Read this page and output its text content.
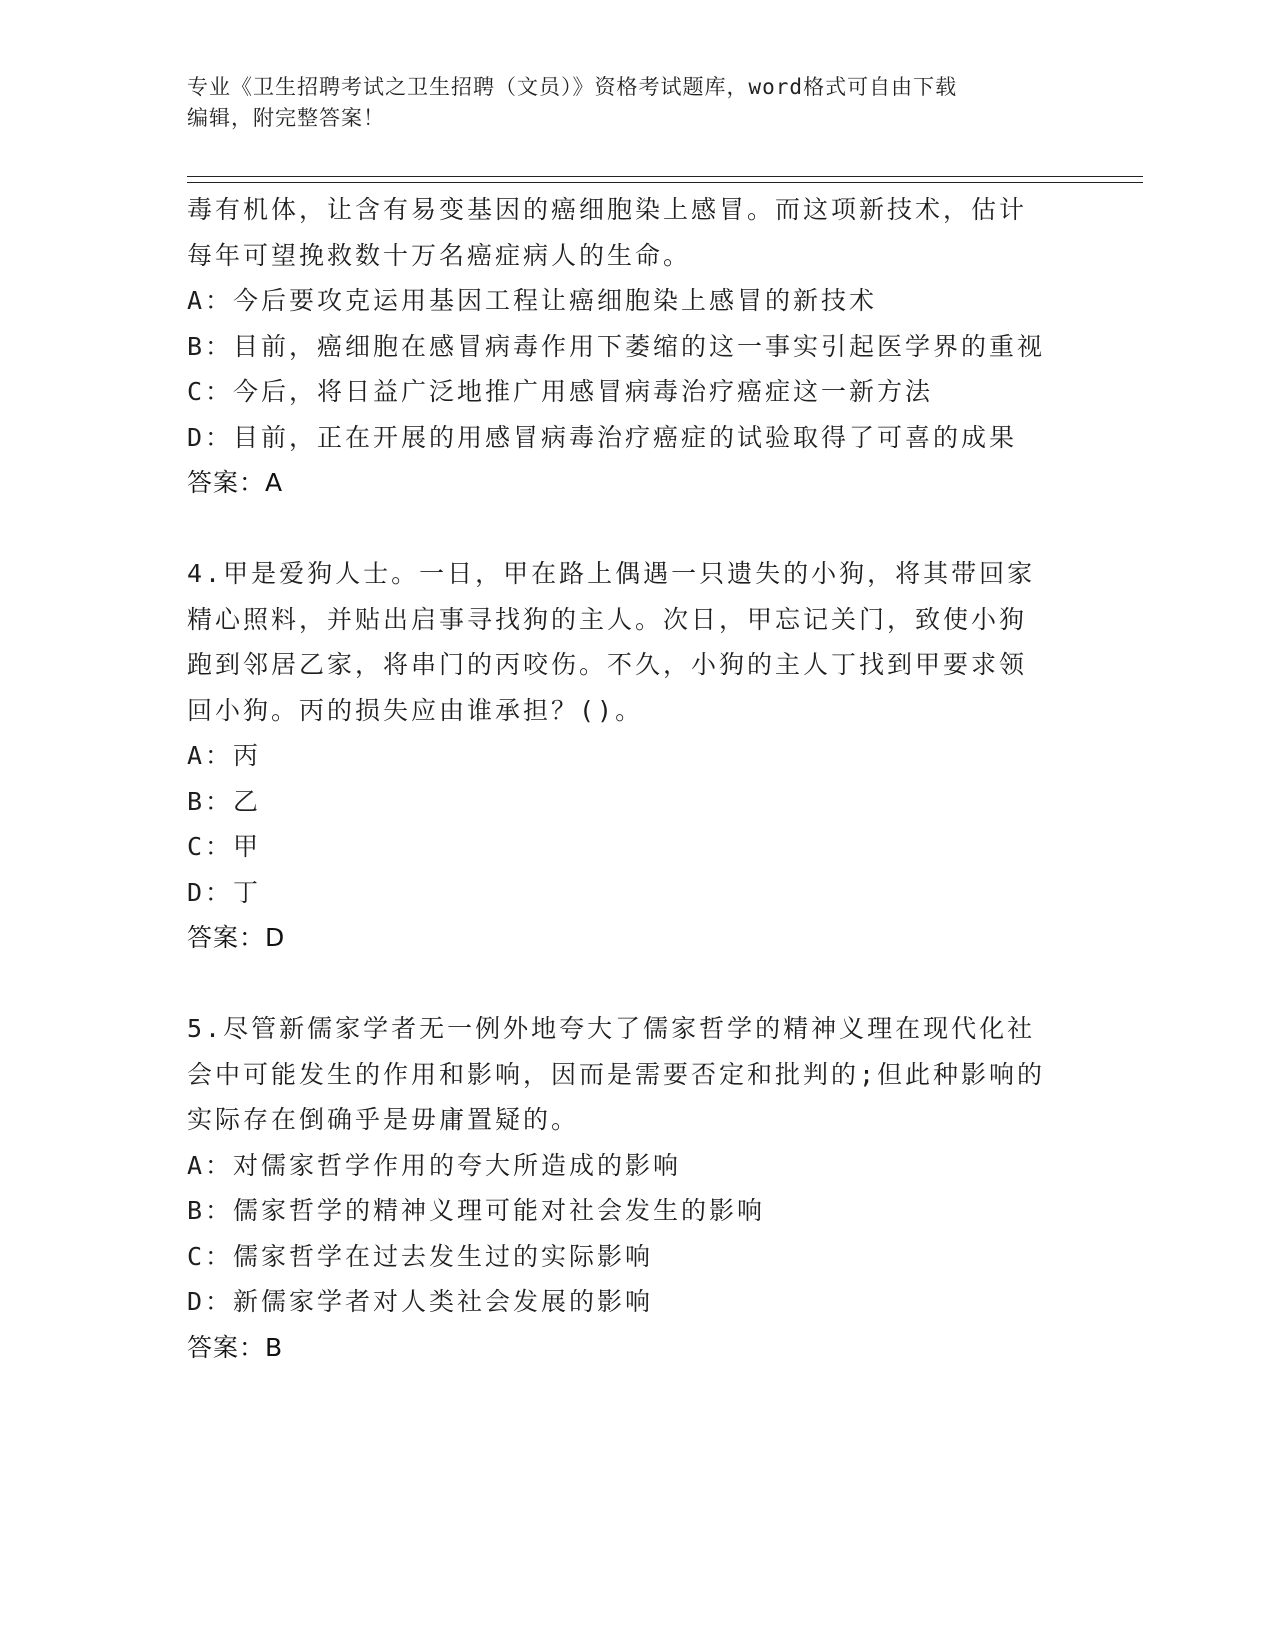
专业《卫生招聘考试之卫生招聘（文员）》资格考试题库，word格式可自由下载
编辑，附完整答案！
毒有机体，让含有易变基因的癌细胞染上感冒。而这项新技术，估计
每年可望挽救数十万名癌症病人的生命。
A：今后要攻克运用基因工程让癌细胞染上感冒的新技术
B：目前，癌细胞在感冒病毒作用下萎缩的这一事实引起医学界的重视
C：今后，将日益广泛地推广用感冒病毒治疗癌症这一新方法
D：目前，正在开展的用感冒病毒治疗癌症的试验取得了可喜的成果
答案：A
4.甲是爱狗人士。一日，甲在路上偶遇一只遗失的小狗，将其带回家
精心照料，并贴出启事寻找狗的主人。次日，甲忘记关门，致使小狗
跑到邻居乙家，将串门的丙咬伤。不久，小狗的主人丁找到甲要求领
回小狗。丙的损失应由谁承担？()。
A：丙
B：乙
C：甲
D：丁
答案：D
5.尽管新儒家学者无一例外地夸大了儒家哲学的精神义理在现代化社
会中可能发生的作用和影响，因而是需要否定和批判的;但此种影响的
实际存在倒确乎是毋庸置疑的。
A：对儒家哲学作用的夸大所造成的影响
B：儒家哲学的精神义理可能对社会发生的影响
C：儒家哲学在过去发生过的实际影响
D：新儒家学者对人类社会发展的影响
答案：B
